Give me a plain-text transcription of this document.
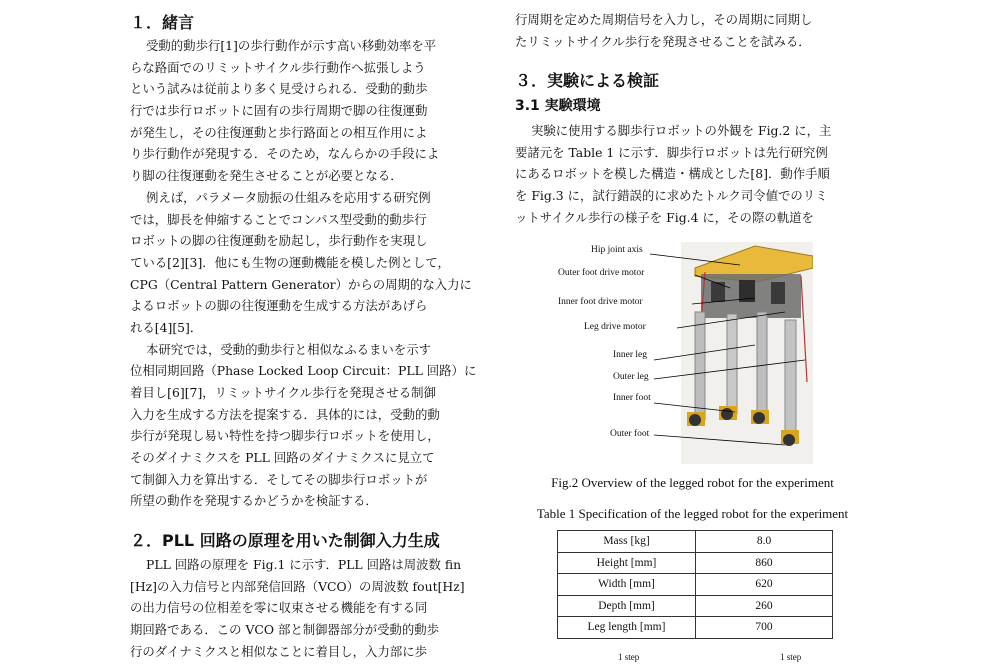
１．緒言
受動的動歩行[1]の歩行動作が示す高い移動効率を平
らな路面でのリミットサイクル歩行動作へ拡張しよう
という試みは従前より多く見受けられる．受動的動歩
行では歩行ロボットに固有の歩行周期で脚の往復運動
が発生し，その往復運動と歩行路面との相互作用によ
り歩行動作が発現する．そのため，なんらかの手段によ
り脚の往復運動を発生させることが必要となる．
例えば，パラメータ励振の仕組みを応用する研究例
では，脚長を伸縮することでコンパス型受動的動歩行
ロボットの脚の往復運動を励起し，歩行動作を実現し
ている[2][3]．他にも生物の運動機能を模した例として，
CPG（Central Pattern Generator）からの周期的な入力に
よるロボットの脚の往復運動を生成する方法があげら
れる[4][5]．
本研究では，受動的動歩行と相似なふるまいを示す
位相同期回路（Phase Locked Loop Circuit：PLL 回路）に
着目し[6][7]，リミットサイクル歩行を発現させる制御
入力を生成する方法を提案する．具体的には，受動的動
歩行が発現し易い特性を持つ脚歩行ロボットを使用し，
そのダイナミクスを PLL 回路のダイナミクスに見立て
て制御入力を算出する．そしてその脚歩行ロボットが
所望の動作を発現するかどうかを検証する．
２．PLL 回路の原理を用いた制御入力生成
PLL 回路の原理を Fig.1 に示す．PLL 回路は周波数 fin
[Hz]の入力信号と内部発信回路（VCO）の周波数 fout[Hz]
の出力信号の位相差を零に収束させる機能を有する同
期回路である．この VCO 部と制御器部分が受動的動歩
行のダイナミクスと相似なことに着目し，入力部に歩
行周期を定めた周期信号を入力し，その周期に同期し
たリミットサイクル歩行を発現させることを試みる．
３．実験による検証
3.1 実験環境
実験に使用する脚歩行ロボットの外観を Fig.2 に，主
要諸元を Table 1 に示す．脚歩行ロボットは先行研究例
にあるロボットを模した構造・構成とした[8]．動作手順
を Fig.3 に，試行錯誤的に求めたトルク司令値でのリミ
ットサイクル歩行の様子を Fig.4 に，その際の軌道を
Hip joint axis
Outer foot drive motor
Inner foot drive motor
Leg drive motor
Inner leg
Outer leg
Inner foot
Outer foot
Fig.2 Overview of the legged robot for the experiment
Table 1 Specification of the legged robot for the experiment
Mass [kg]	8.0
Height [mm]	860
Width [mm]	620
Depth [mm]	260
Leg length [mm]	700
1 step	1 step
